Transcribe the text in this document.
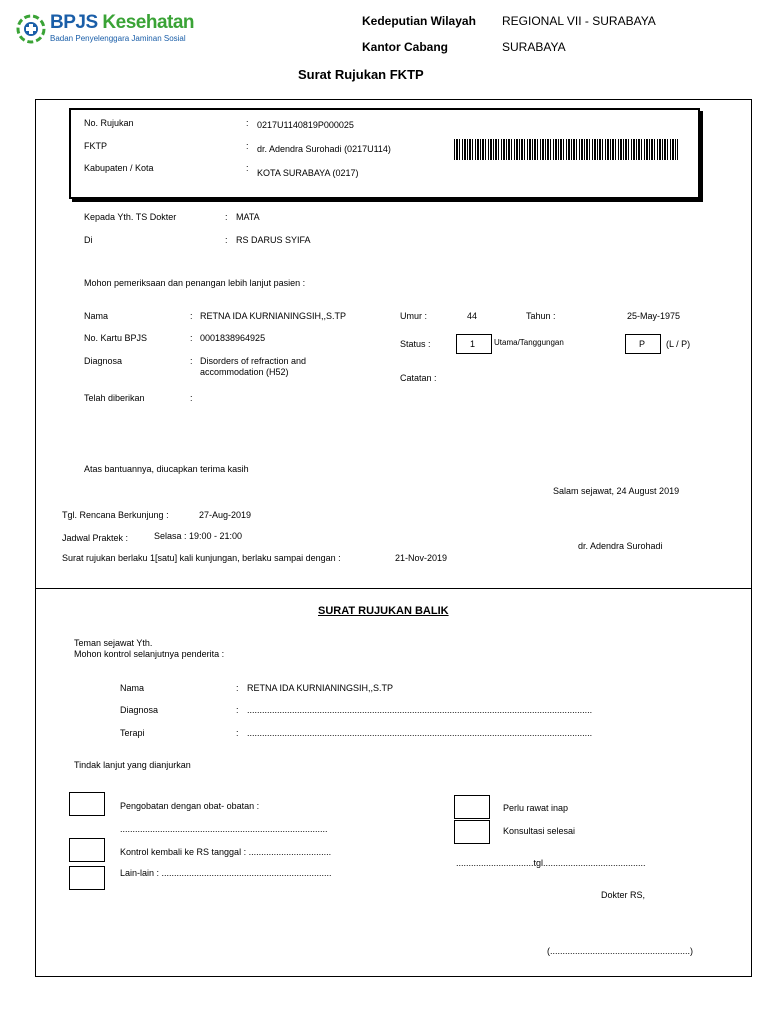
BPJS Kesehatan
Badan Penyelenggara Jaminan Sosial
Kedeputian Wilayah REGIONAL VII - SURABAYA
Kantor Cabang	SURABAYA
Surat Rujukan FKTP
No. Rujukan	: 0217U1140819P000025
FKTP	: dr. Adendra Surohadi (0217U114)
Kabupaten / Kota	: KOTA SURABAYA (0217)
Kepada Yth. TS Dokter	: MATA
Di	: RS DARUS SYIFA
Mohon pemeriksaan dan penangan lebih lanjut pasien :
Nama	: RETNA IDA KURNIANINGSIH,,S.TP
No. Kartu BPJS	: 0001838964925
Diagnosa	: Disorders of refraction and
accommodation (H52)
Telah diberikan	:
Umur :	44	Tahun :	25-May-1975
Status :	1 Utama/Tanggungan	P (L / P)
Catatan :
Atas bantuannya, diucapkan terima kasih
Salam sejawat, 24 August 2019
Tgl. Rencana Berkunjung :	27-Aug-2019
Jadwal Praktek :	Selasa : 19:00 - 21:00
Surat rujukan berlaku 1[satu] kali kunjungan, berlaku sampai dengan :	21-Nov-2019
dr. Adendra Surohadi
SURAT RUJUKAN BALIK
Teman sejawat Yth.
Mohon kontrol selanjutnya penderita :
Nama	: RETNA IDA KURNIANINGSIH,,S.TP
Diagnosa	: ..........................................................................................................................................
Terapi	: ..........................................................................................................................................
Tindak lanjut yang dianjurkan
Pengobatan dengan obat- obatan :
...................................................................................
Kontrol kembali ke RS tanggal : .................................
Lain-lain : ....................................................................
Perlu rawat inap
Konsultasi selesai
...............................tgl.........................................
Dokter RS,
(........................................................)
